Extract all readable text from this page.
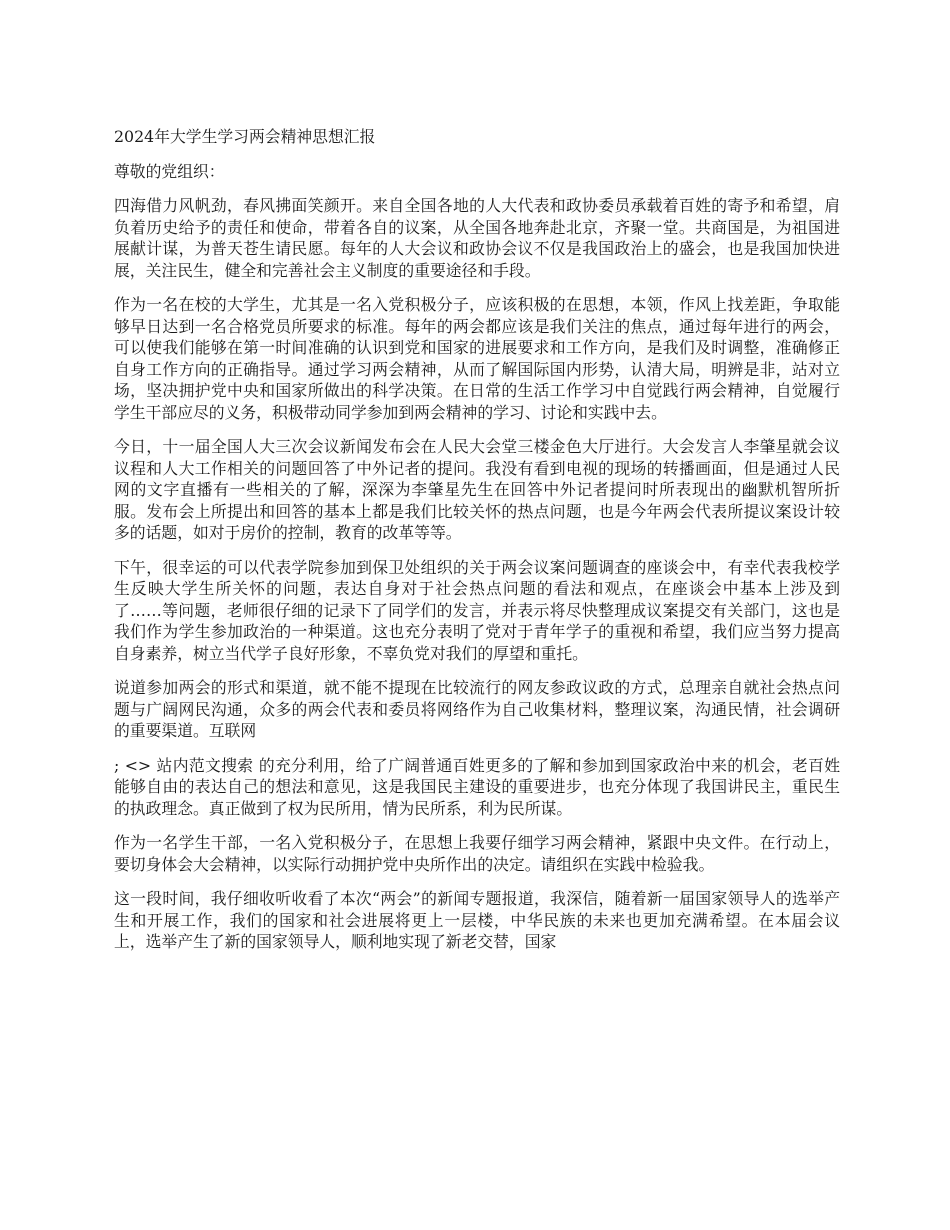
2024年大学生学习两会精神思想汇报
尊敬的党组织：
四海借力风帆劲，春风拂面笑颜开。来自全国各地的人大代表和政协委员承载着百姓的寄予和希望，肩负着历史给予的责任和使命，带着各自的议案，从全国各地奔赴北京，齐聚一堂。共商国是，为祖国进展献计谋，为普天苍生请民愿。每年的人大会议和政协会议不仅是我国政治上的盛会，也是我国加快进展，关注民生，健全和完善社会主义制度的重要途径和手段。
作为一名在校的大学生，尤其是一名入党积极分子，应该积极的在思想，本领，作风上找差距，争取能够早日达到一名合格党员所要求的标准。每年的两会都应该是我们关注的焦点，通过每年进行的两会，可以使我们能够在第一时间准确的认识到党和国家的进展要求和工作方向，是我们及时调整，准确修正自身工作方向的正确指导。通过学习两会精神，从而了解国际国内形势，认清大局，明辨是非，站对立场，坚决拥护党中央和国家所做出的科学决策。在日常的生活工作学习中自觉践行两会精神，自觉履行学生干部应尽的义务，积极带动同学参加到两会精神的学习、讨论和实践中去。
今日，十一届全国人大三次会议新闻发布会在人民大会堂三楼金色大厅进行。大会发言人李肇星就会议议程和人大工作相关的问题回答了中外记者的提问。我没有看到电视的现场的转播画面，但是通过人民网的文字直播有一些相关的了解，深深为李肇星先生在回答中外记者提问时所表现出的幽默机智所折服。发布会上所提出和回答的基本上都是我们比较关怀的热点问题，也是今年两会代表所提议案设计较多的话题，如对于房价的控制，教育的改革等等。
下午，很幸运的可以代表学院参加到保卫处组织的关于两会议案问题调查的座谈会中，有幸代表我校学生反映大学生所关怀的问题，表达自身对于社会热点问题的看法和观点，在座谈会中基本上涉及到了……等问题，老师很仔细的记录下了同学们的发言，并表示将尽快整理成议案提交有关部门，这也是我们作为学生参加政治的一种渠道。这也充分表明了党对于青年学子的重视和希望，我们应当努力提高自身素养，树立当代学子良好形象，不辜负党对我们的厚望和重托。
说道参加两会的形式和渠道，就不能不提现在比较流行的网友参政议政的方式，总理亲自就社会热点问题与广阔网民沟通，众多的两会代表和委员将网络作为自己收集材料，整理议案，沟通民情，社会调研的重要渠道。互联网
; <> 站内范文搜索 的充分利用，给了广阔普通百姓更多的了解和参加到国家政治中来的机会，老百姓能够自由的表达自己的想法和意见，这是我国民主建设的重要进步，也充分体现了我国讲民主，重民生的执政理念。真正做到了权为民所用，情为民所系，利为民所谋。
作为一名学生干部，一名入党积极分子，在思想上我要仔细学习两会精神，紧跟中央文件。在行动上，要切身体会大会精神，以实际行动拥护党中央所作出的决定。请组织在实践中检验我。
这一段时间，我仔细收听收看了本次“两会”的新闻专题报道，我深信，随着新一届国家领导人的选举产生和开展工作，我们的国家和社会进展将更上一层楼，中华民族的未来也更加充满希望。在本届会议上，选举产生了新的国家领导人，顺利地实现了新老交替，国家
